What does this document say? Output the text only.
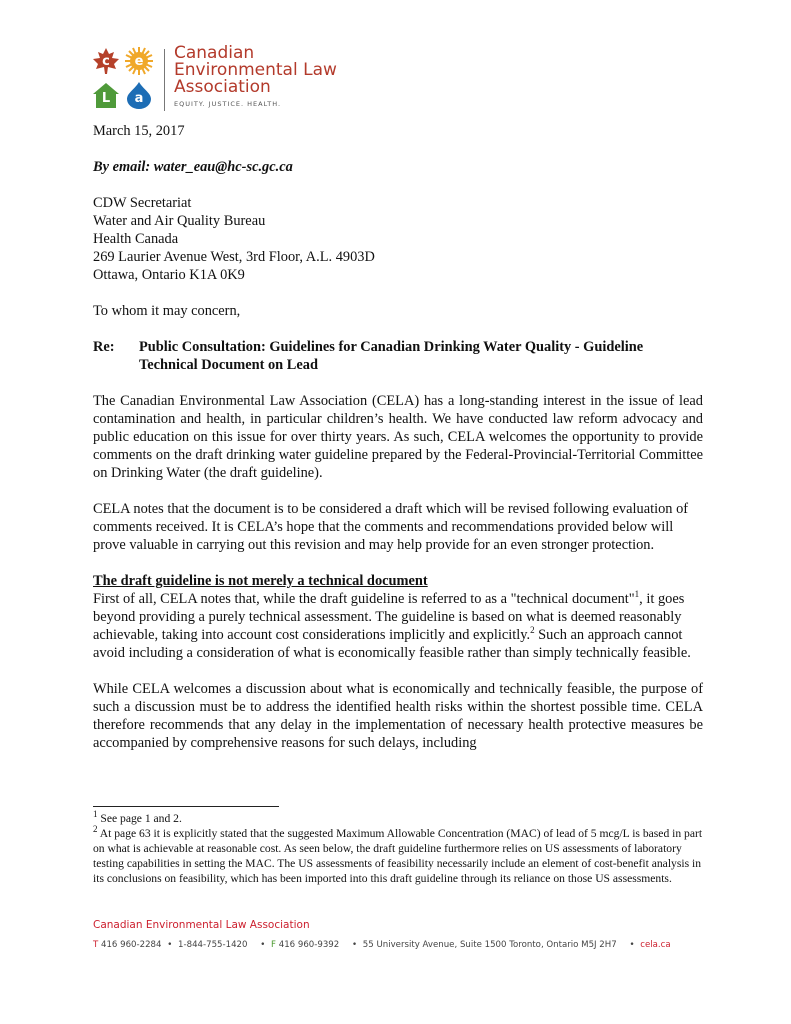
c e
L a
Canadian
Environmental Law
Association
EQUITY. JUSTICE. HEALTH.

March 15, 2017

By email: water_eau@hc-sc.gc.ca

CDW Secretariat

Water and Air Quality Bureau

Health Canada

269 Laurier Avenue West, 3rd Floor, A.L. 4903D

Ottawa, Ontario K1A 0K9

To whom it may concern,

Re:	Public Consultation: Guidelines for Canadian Drinking Water Quality - Guideline Technical Document on Lead

The Canadian Environmental Law Association (CELA) has a long-standing interest in the issue of lead contamination and health, in particular children’s health. We have conducted law reform advocacy and public education on this issue for over thirty years. As such, CELA welcomes the opportunity to provide comments on the draft drinking water guideline prepared by the Federal-Provincial-Territorial Committee on Drinking Water (the draft guideline).

CELA notes that the document is to be considered a draft which will be revised following evaluation of comments received. It is CELA’s hope that the comments and recommendations provided below will prove valuable in carrying out this revision and may help provide for an even stronger protection.

The draft guideline is not merely a technical document

First of all, CELA notes that, while the draft guideline is referred to as a "technical document"$^1$, it goes beyond providing a purely technical assessment. The guideline is based on what is deemed reasonably achievable, taking into account cost considerations implicitly and explicitly.$^2$ Such an approach cannot avoid including a consideration of what is economically feasible rather than simply technically feasible.

While CELA welcomes a discussion about what is economically and technically feasible, the purpose of such a discussion must be to address the identified health risks within the shortest possible time. CELA therefore recommends that any delay in the implementation of necessary health protective measures be accompanied by comprehensive reasons for such delays, including

$^1$ See page 1 and 2.

$^2$ At page 63 it is explicitly stated that the suggested Maximum Allowable Concentration (MAC) of lead of 5 mcg/L is based in part on what is achievable at reasonable cost. As seen below, the draft guideline furthermore relies on US assessments of laboratory testing capabilities in setting the MAC. The US assessments of feasibility necessarily include an element of cost-benefit analysis in its conclusions on feasibility, which has been imported into this draft guideline through its reliance on those US assessments.

Canadian Environmental Law Association
T 416 960-2284 • 1-844-755-1420 • F 416 960-9392 • 55 University Avenue, Suite 1500 Toronto, Ontario M5J 2H7 • cela.ca
